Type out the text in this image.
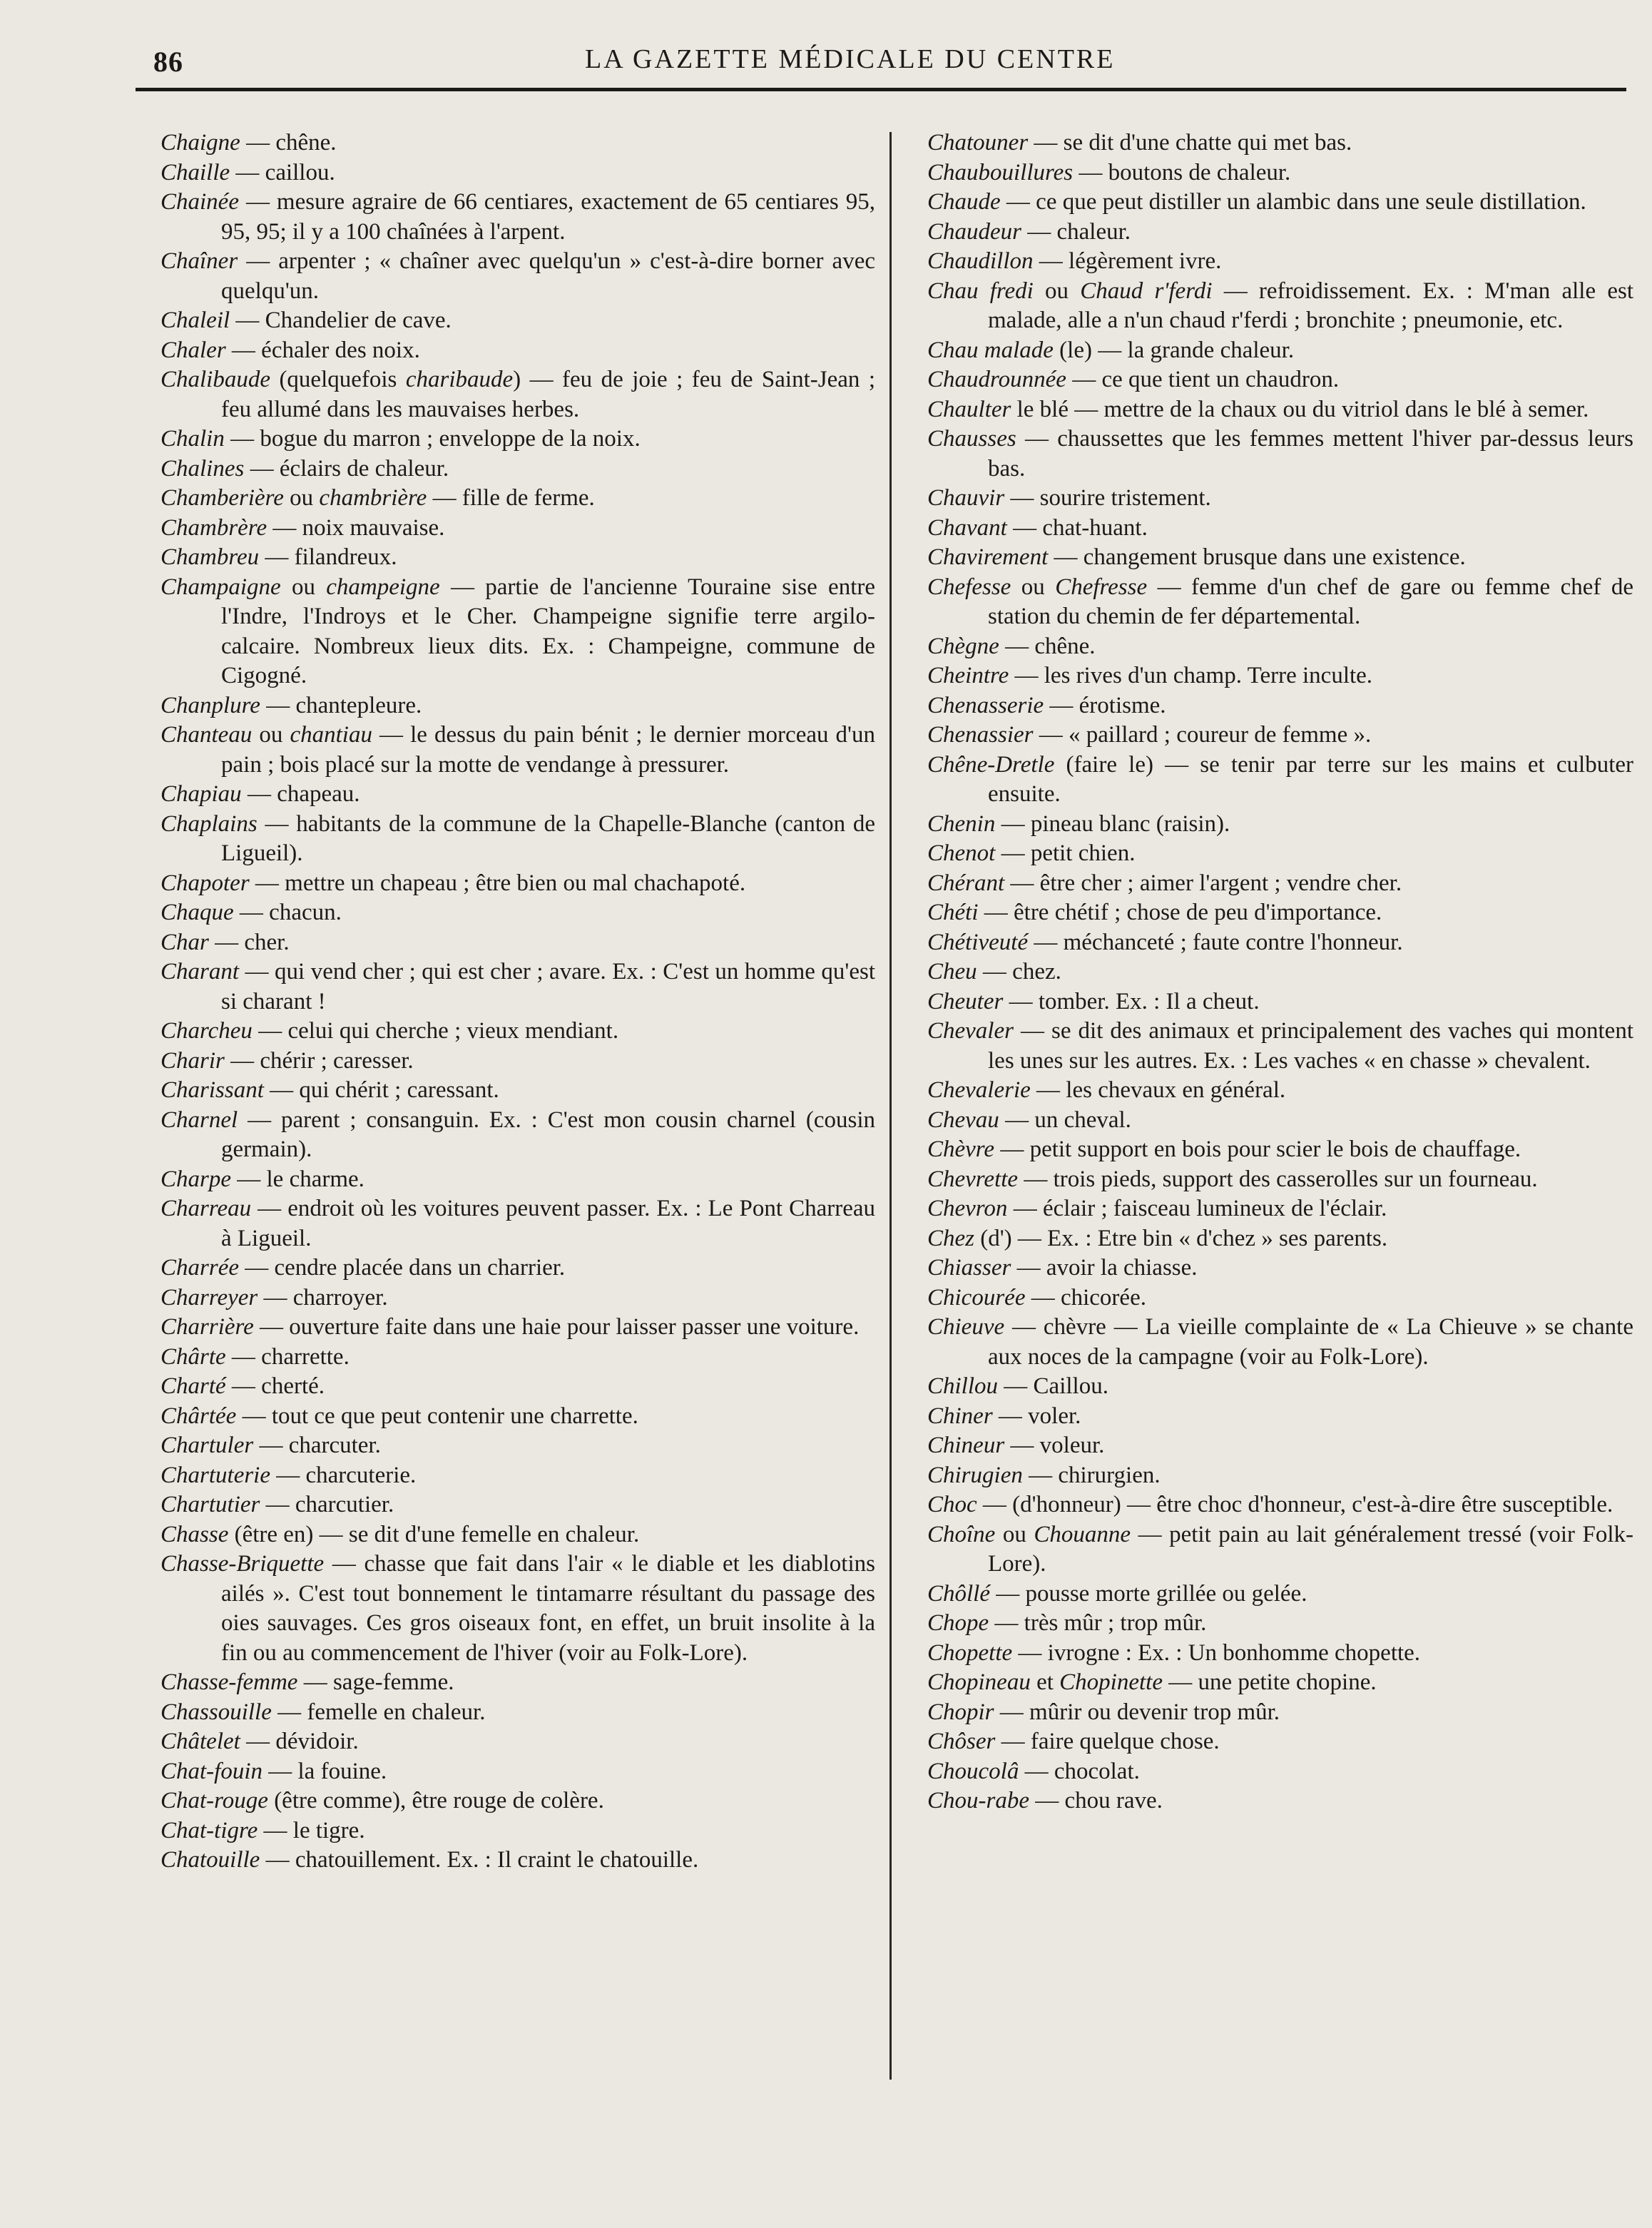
86	LA GAZETTE MÉDICALE DU CENTRE

Chaigne — chêne.

Chaille — caillou.

Chainée — mesure agraire de 66 centiares, exactement de 65 centiares 95, 95, 95; il y a 100 chaînées à l'arpent.

Chaîner — arpenter ; « chaîner avec quelqu'un » c'est-à-dire borner avec quelqu'un.

Chaleil — Chandelier de cave.

Chaler — échaler des noix.

Chalibaude (quelquefois charibaude) — feu de joie ; feu de Saint-Jean ; feu allumé dans les mauvaises herbes.

Chalin — bogue du marron ; enveloppe de la noix.

Chalines — éclairs de chaleur.

Chamberière ou chambrière — fille de ferme.

Chambrère — noix mauvaise.

Chambreu — filandreux.

Champaigne ou champeigne — partie de l'ancienne Touraine sise entre l'Indre, l'Indroys et le Cher. Champeigne signifie terre argilo-calcaire. Nombreux lieux dits. Ex. : Champeigne, commune de Cigogné.

Chanplure — chantepleure.

Chanteau ou chantiau — le dessus du pain bénit ; le dernier morceau d'un pain ; bois placé sur la motte de vendange à pressurer.

Chapiau — chapeau.

Chaplains — habitants de la commune de la Chapelle-Blanche (canton de Ligueil).

Chapoter — mettre un chapeau ; être bien ou mal chachapoté.

Chaque — chacun.

Char — cher.

Charant — qui vend cher ; qui est cher ; avare. Ex. : C'est un homme qu'est si charant !

Charcheu — celui qui cherche ; vieux mendiant.

Charir — chérir ; caresser.

Charissant — qui chérit ; caressant.

Charnel — parent ; consanguin. Ex. : C'est mon cousin charnel (cousin germain).

Charpe — le charme.

Charreau — endroit où les voitures peuvent passer. Ex. : Le Pont Charreau à Ligueil.

Charrée — cendre placée dans un charrier.

Charreyer — charroyer.

Charrière — ouverture faite dans une haie pour laisser passer une voiture.

Chârte — charrette.

Charté — cherté.

Chârtée — tout ce que peut contenir une charrette.

Chartuler — charcuter.

Chartuterie — charcuterie.

Chartutier — charcutier.

Chasse (être en) — se dit d'une femelle en chaleur.

Chasse-Briquette — chasse que fait dans l'air « le diable et les diablotins ailés ». C'est tout bonnement le tintamarre résultant du passage des oies sauvages. Ces gros oiseaux font, en effet, un bruit insolite à la fin ou au commencement de l'hiver (voir au Folk-Lore).

Chasse-femme — sage-femme.

Chassouille — femelle en chaleur.

Châtelet — dévidoir.

Chat-fouin — la fouine.

Chat-rouge (être comme), être rouge de colère.

Chat-tigre — le tigre.

Chatouille — chatouillement. Ex. : Il craint le chatouille.

Chatouner — se dit d'une chatte qui met bas.

Chaubouillures — boutons de chaleur.

Chaude — ce que peut distiller un alambic dans une seule distillation.

Chaudeur — chaleur.

Chaudillon — légèrement ivre.

Chau fredi ou Chaud r'ferdi — refroidissement. Ex. : M'man alle est malade, alle a n'un chaud r'ferdi ; bronchite ; pneumonie, etc.

Chau malade (le) — la grande chaleur.

Chaudrounnée — ce que tient un chaudron.

Chaulter le blé — mettre de la chaux ou du vitriol dans le blé à semer.

Chausses — chaussettes que les femmes mettent l'hiver par-dessus leurs bas.

Chauvir — sourire tristement.

Chavant — chat-huant.

Chavirement — changement brusque dans une existence.

Chefesse ou Chefresse — femme d'un chef de gare ou femme chef de station du chemin de fer départemental.

Chègne — chêne.

Cheintre — les rives d'un champ. Terre inculte.

Chenasserie — érotisme.

Chenassier — « paillard ; coureur de femme ».

Chêne-Dretle (faire le) — se tenir par terre sur les mains et culbuter ensuite.

Chenin — pineau blanc (raisin).

Chenot — petit chien.

Chérant — être cher ; aimer l'argent ; vendre cher.

Chéti — être chétif ; chose de peu d'importance.

Chétiveuté — méchanceté ; faute contre l'honneur.

Cheu — chez.

Cheuter — tomber. Ex. : Il a cheut.

Chevaler — se dit des animaux et principalement des vaches qui montent les unes sur les autres. Ex. : Les vaches « en chasse » chevalent.

Chevalerie — les chevaux en général.

Chevau — un cheval.

Chèvre — petit support en bois pour scier le bois de chauffage.

Chevrette — trois pieds, support des casserolles sur un fourneau.

Chevron — éclair ; faisceau lumineux de l'éclair.

Chez (d') — Ex. : Etre bin « d'chez » ses parents.

Chiasser — avoir la chiasse.

Chicourée — chicorée.

Chieuve — chèvre — La vieille complainte de « La Chieuve » se chante aux noces de la campagne (voir au Folk-Lore).

Chillou — Caillou.

Chiner — voler.

Chineur — voleur.

Chirugien — chirurgien.

Choc — (d'honneur) — être choc d'honneur, c'est-à-dire être susceptible.

Choîne ou Chouanne — petit pain au lait généralement tressé (voir Folk-Lore).

Chôllé — pousse morte grillée ou gelée.

Chope — très mûr ; trop mûr.

Chopette — ivrogne : Ex. : Un bonhomme chopette.

Chopineau et Chopinette — une petite chopine.

Chopir — mûrir ou devenir trop mûr.

Chôser — faire quelque chose.

Choucolâ — chocolat.

Chou-rabe — chou rave.
